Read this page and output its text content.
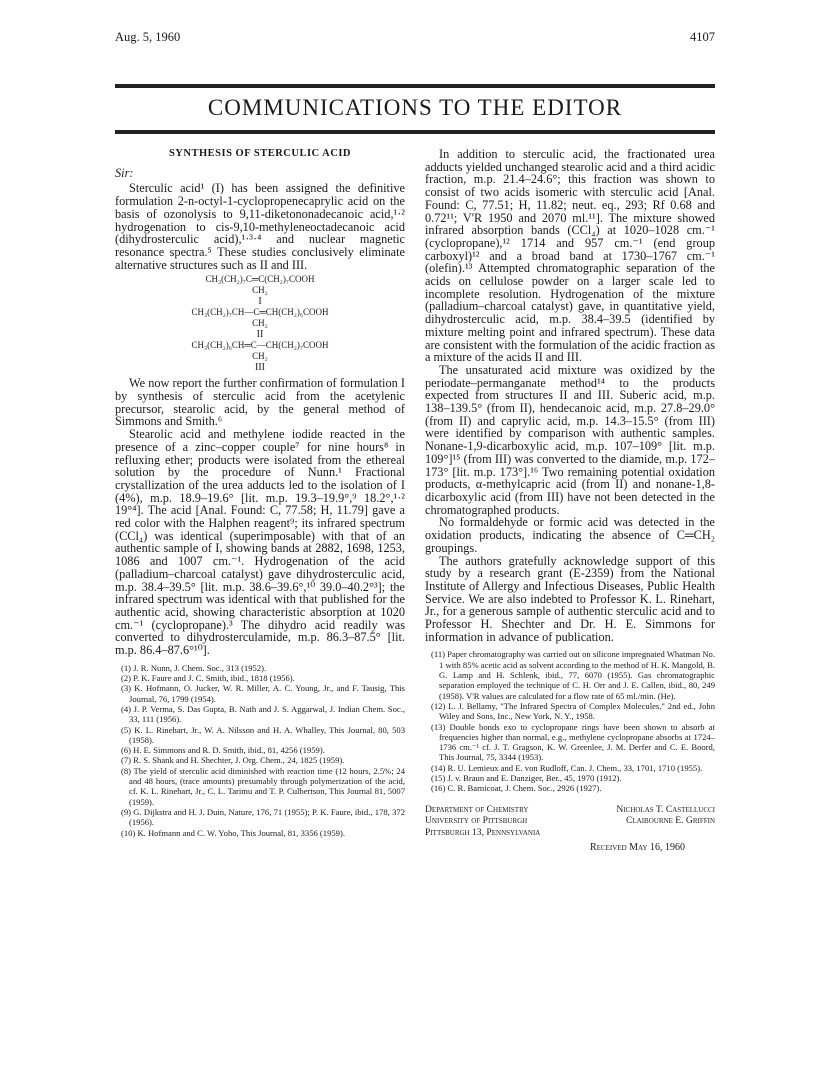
Aug. 5, 1960	4107
COMMUNICATIONS TO THE EDITOR
SYNTHESIS OF STERCULIC ACID
Sir:

Sterculic acid¹ (I) has been assigned the definitive formulation 2-n-octyl-1-cyclopropenecaprylic acid on the basis of ozonolysis to 9,11-diketononadecanoic acid,¹·² hydrogenation to cis-9,10-methyleneoctadecanoic acid (dihydrosterculic acid),¹·³·⁴ and nuclear magnetic resonance spectra.⁵ These studies conclusively eliminate alternative structures such as II and III.

CH₃(CH₂)₇C═C(CH₂)₇COOH
CH₂
I
CH₃(CH₂)₇CH—C═CH(CH₂)₆COOH
CH₂
II
CH₃(CH₂)₆CH═C—CH(CH₂)₇COOH
CH₂
III

We now report the further confirmation of formulation I by synthesis of sterculic acid from the acetylenic precursor, stearolic acid, by the general method of Simmons and Smith.⁶

Stearolic acid and methylene iodide reacted in the presence of a zinc–copper couple⁷ for nine hours⁸ in refluxing ether; products were isolated from the ethereal solution by the procedure of Nunn.¹ Fractional crystallization of the urea adducts led to the isolation of I (4%), m.p. 18.9–19.6° [lit. m.p. 19.3–19.9°,⁹ 18.2°,¹·² 19°⁴]. The acid [Anal. Found: C, 77.58; H, 11.79] gave a red color with the Halphen reagent⁹; its infrared spectrum (CCl₄) was identical (superimposable) with that of an authentic sample of I, showing bands at 2882, 1698, 1253, 1086 and 1007 cm.⁻¹. Hydrogenation of the acid (palladium–charcoal catalyst) gave dihydrosterculic acid, m.p. 38.4–39.5° [lit. m.p. 38.6–39.6°,¹⁰ 39.0–40.2°³]; the infrared spectrum was identical with that published for the authentic acid, showing characteristic absorption at 1020 cm.⁻¹ (cyclopropane).³ The dihydro acid readily was converted to dihydrosterculamide, m.p. 86.3–87.5° [lit. m.p. 86.4–87.6°¹⁰].

(1) J. R. Nunn, J. Chem. Soc., 313 (1952).
(2) P. K. Faure and J. C. Smith, ibid., 1818 (1956).
(3) K. Hofmann, O. Jucker, W. R. Miller, A. C. Young, Jr., and F. Tausig, This Journal, 76, 1799 (1954).
(4) J. P. Verma, S. Das Gupta, B. Nath and J. S. Aggarwal, J. Indian Chem. Soc., 33, 111 (1956).
(5) K. L. Rinehart, Jr., W. A. Nilsson and H. A. Whalley, This Journal, 80, 503 (1958).
(6) H. E. Simmons and R. D. Smith, ibid., 81, 4256 (1959).
(7) R. S. Shank and H. Shechter, J. Org. Chem., 24, 1825 (1959).
(8) The yield of sterculic acid diminished with reaction time (12 hours, 2.5%; 24 and 48 hours, (trace amounts) presumably through polymerization of the acid, cf. K. L. Rinehart, Jr., C. L. Tarimu and T. P. Culbertson, This Journal 81, 5007 (1959).
(9) G. Dijkstra and H. J. Duin, Nature, 176, 71 (1955); P. K. Faure, ibid., 178, 372 (1956).
(10) K. Hofmann and C. W. Yoho, This Journal, 81, 3356 (1959).

In addition to sterculic acid, the fractionated urea adducts yielded unchanged stearolic acid and a third acidic fraction, m.p. 21.4–24.6°; this fraction was shown to consist of two acids isomeric with sterculic acid [Anal. Found: C, 77.51; H, 11.82; neut. eq., 293; Rf 0.68 and 0.72¹¹; V'R 1950 and 2070 ml.¹¹]. The mixture showed infrared absorption bands (CCl₄) at 1020–1028 cm.⁻¹ (cyclopropane),¹² 1714 and 957 cm.⁻¹ (end group carboxyl)¹² and a broad band at 1730–1767 cm.⁻¹ (olefin).¹³ Attempted chromatographic separation of the acids on cellulose powder on a larger scale led to incomplete resolution. Hydrogenation of the mixture (palladium–charcoal catalyst) gave, in quantitative yield, dihydrosterculic acid, m.p. 38.4–39.5 (identified by mixture melting point and infrared spectrum). These data are consistent with the formulation of the acidic fraction as a mixture of the acids II and III.

The unsaturated acid mixture was oxidized by the periodate–permanganate method¹⁴ to the products expected from structures II and III. Suberic acid, m.p. 138–139.5° (from II), hendecanoic acid, m.p. 27.8–29.0° (from II) and caprylic acid, m.p. 14.3–15.5° (from III) were identified by comparison with authentic samples. Nonane-1,9-dicarboxylic acid, m.p. 107–109° [lit. m.p. 109°]¹⁵ (from III) was converted to the diamide, m.p. 172–173° [lit. m.p. 173°].¹⁶ Two remaining potential oxidation products, α-methylcapric acid (from II) and nonane-1,8-dicarboxylic acid (from III) have not been detected in the chromatographed products.

No formaldehyde or formic acid was detected in the oxidation products, indicating the absence of C═CH₂ groupings.

The authors gratefully acknowledge support of this study by a research grant (E-2359) from the National Institute of Allergy and Infectious Diseases, Public Health Service. We are also indebted to Professor K. L. Rinehart, Jr., for a generous sample of authentic sterculic acid and to Professor H. Shechter and Dr. H. E. Simmons for information in advance of publication.

(11) Paper chromatography was carried out on silicone impregnated Whatman No. 1 with 85% acetic acid as solvent according to the method of H. K. Mangold, B. G. Lamp and H. Schlenk, ibid., 77, 6070 (1955). Gas chromatographic separation employed the technique of C. H. Orr and J. E. Callen, ibid., 80, 249 (1958). V'R values are calculated for a flow rate of 65 ml./min. (He).
(12) L. J. Bellamy, "The Infrared Spectra of Complex Molecules," 2nd ed., John Wiley and Sons, Inc., New York, N. Y., 1958.
(13) Double bonds exo to cyclopropane rings have been shown to absorb at frequencies higher than normal, e.g., methylene cyclopropane absorbs at 1724–1736 cm.⁻¹ cf. J. T. Gragson, K. W. Greenlee, J. M. Derfer and C. E. Boord, This Journal, 75, 3344 (1953).
(14) R. U. Lemieux and E. von Rudloff, Can. J. Chem., 33, 1701, 1710 (1955).
(15) J. v. Braun and E. Danziger, Ber., 45, 1970 (1912).
(16) C. R. Barnicoat, J. Chem. Soc., 2926 (1927).
Department of Chemistry	Nicholas T. Castellucci
University of Pittsburgh	Claibourne E. Griffin
Pittsburgh 13, Pennsylvania
Received May 16, 1960
